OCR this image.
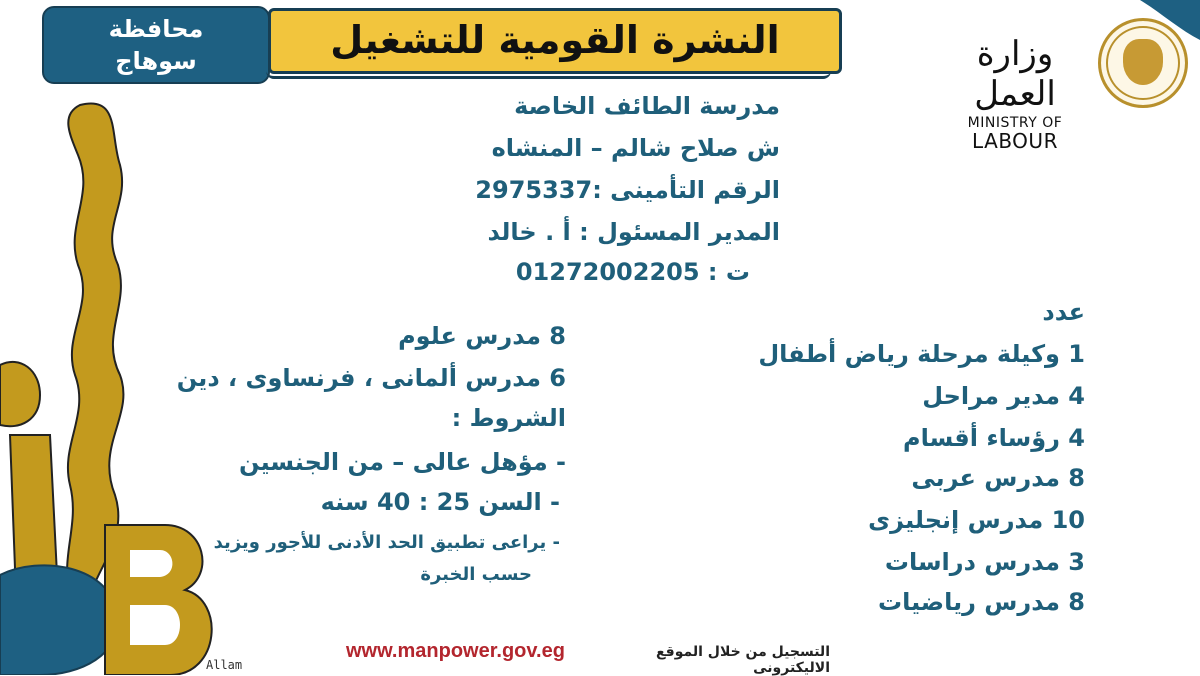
محافظة
سوهاج	النشرة القومية للتشغيل	وزارة العمل
MINISTRY OF LABOUR
مدرسة الطائف الخاصة
ش صلاح شالم – المنشاه
الرقم التأمينى :2975337
المدير المسئول : أ . خالد
ت : 01272002205
عدد
1 وكيلة مرحلة رياض أطفال
4 مدير مراحل
4 رؤساء أقسام
8 مدرس عربى
10 مدرس إنجليزى
3 مدرس دراسات
8 مدرس رياضيات
8 مدرس علوم
6 مدرس ألمانى ، فرنساوى ، دين
الشروط :
- مؤهل عالى – من الجنسين
- السن 25 : 40 سنه
- يراعى تطبيق الحد الأدنى للأجور ويزيد
حسب الخبرة
التسجيل من خلال الموقع الاليكترونى
www.manpower.gov.eg
Allam
